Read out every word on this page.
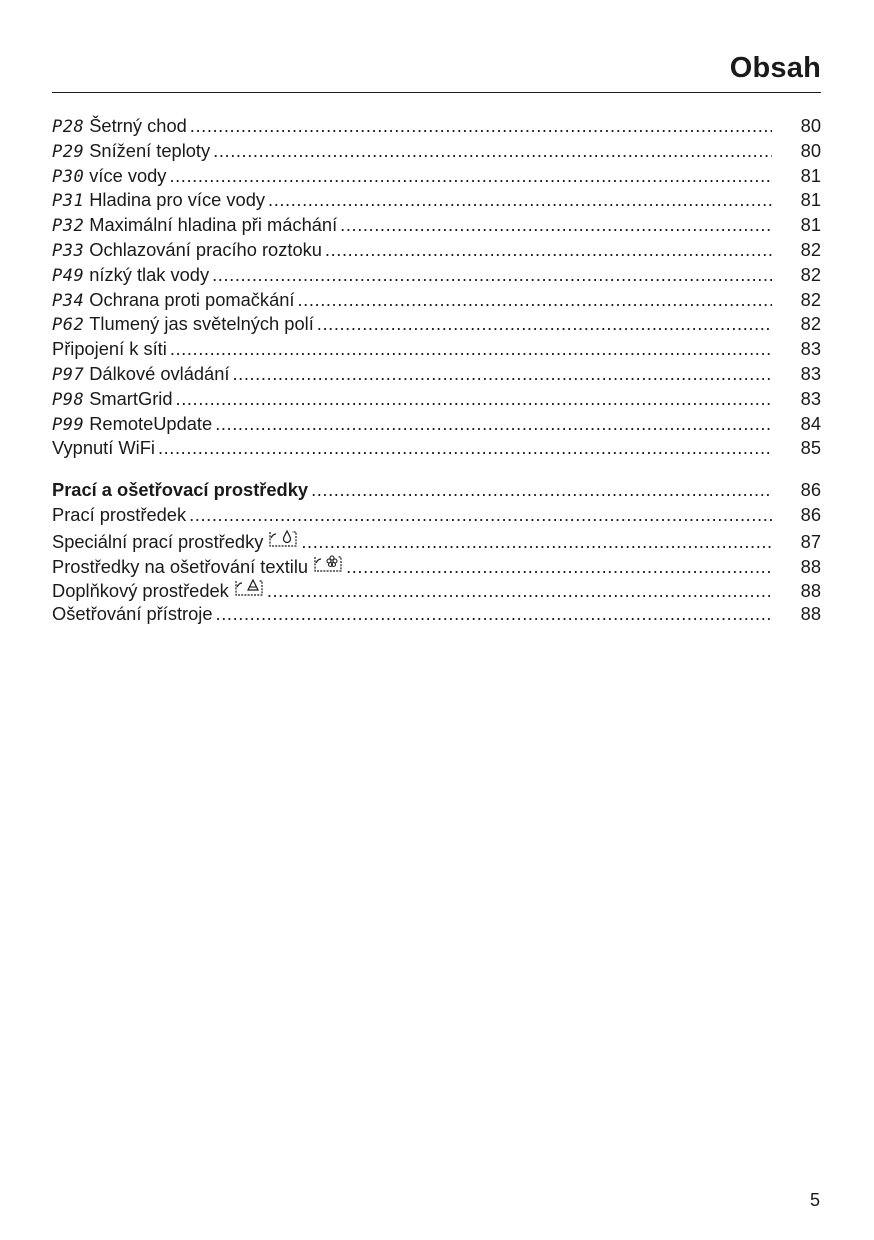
Obsah
P28 Šetrný chod .....	80
P29 Snížení teploty .....	80
P30 více vody .....	81
P31 Hladina pro více vody .....	81
P32 Maximální hladina při máchání .....	81
P33 Ochlazování pracího roztoku .....	82
P49 nízký tlak vody .....	82
P34 Ochrana proti pomačkání .....	82
P62 Tlumený jas světelných polí .....	82
Připojení k síti .....	83
P97 Dálkové ovládání .....	83
P98 SmartGrid .....	83
P99 RemoteUpdate .....	84
Vypnutí WiFi .....	85
Prací a ošetřovací prostředky .....	86
Prací prostředek .....	86
Speciální prací prostředky .....	87
Prostředky na ošetřování textilu .....	88
Doplňkový prostředek .....	88
Ošetřování přístroje .....	88
5
